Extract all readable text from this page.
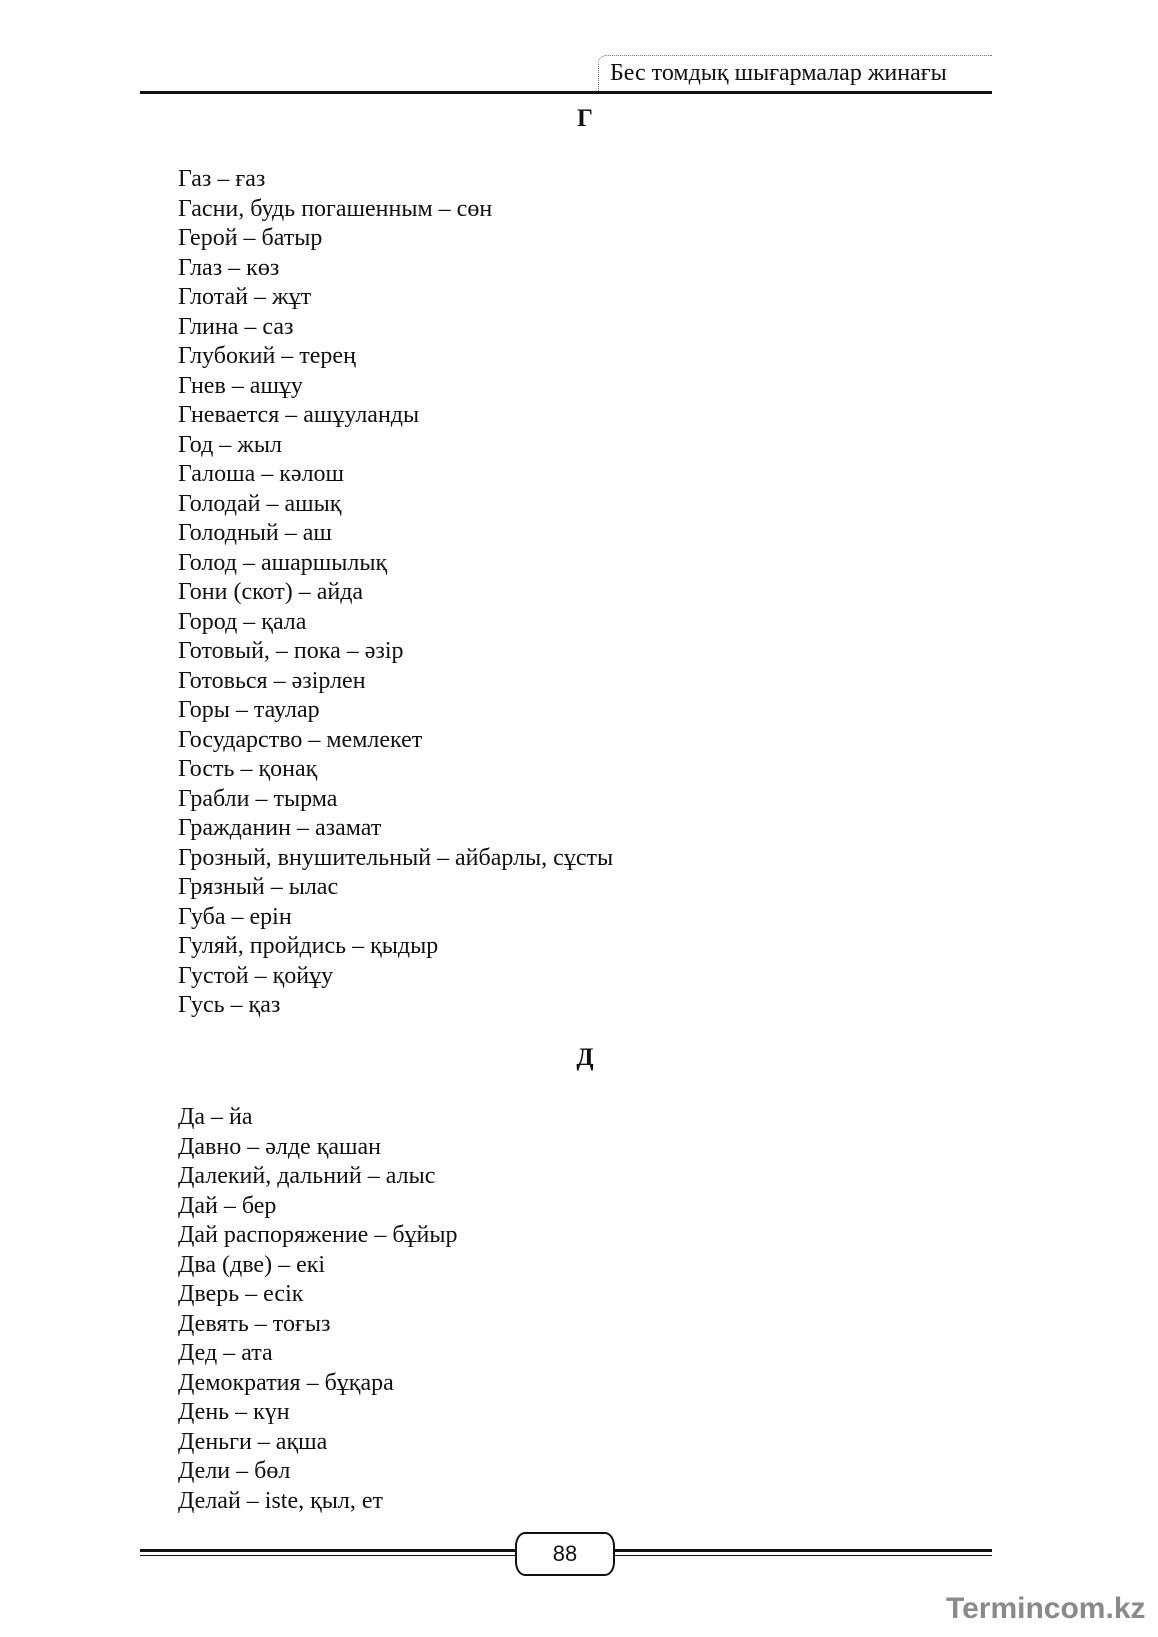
Бес томдық шығармалар жинағы
Г
Газ – ғаз
Гасни, будь погашенным – сөн
Герой – батыр
Глаз – көз
Глотай – жұт
Глина – саз
Глубокий – терең
Гнев – ашұу
Гневается – ашұуланды
Год – жыл
Галоша – кәлош
Голодай – ашық
Голодный – аш
Голод – ашаршылық
Гони (скот) – айда
Город – қала
Готовый, – пока – әзір
Готовься – әзірлен
Горы – таулар
Государство – мемлекет
Гость – қонақ
Грабли – тырма
Гражданин – азамат
Грозный, внушительный – айбарлы, сұсты
Грязный – ылас
Губа – ерін
Гуляй, пройдись – қыдыр
Густой – қойұу
Гусь – қаз
Д
Да – йа
Давно – әлде қашан
Далекий, дальний – алыс
Дай – бер
Дай распоряжение – бұйыр
Два (две) – екі
Дверь – есік
Девять – тоғыз
Дед – ата
Демократия – бұқара
День – күн
Деньги – ақша
Дели – бөл
Делай – iste, қыл, ет
88
Termincom.kz
